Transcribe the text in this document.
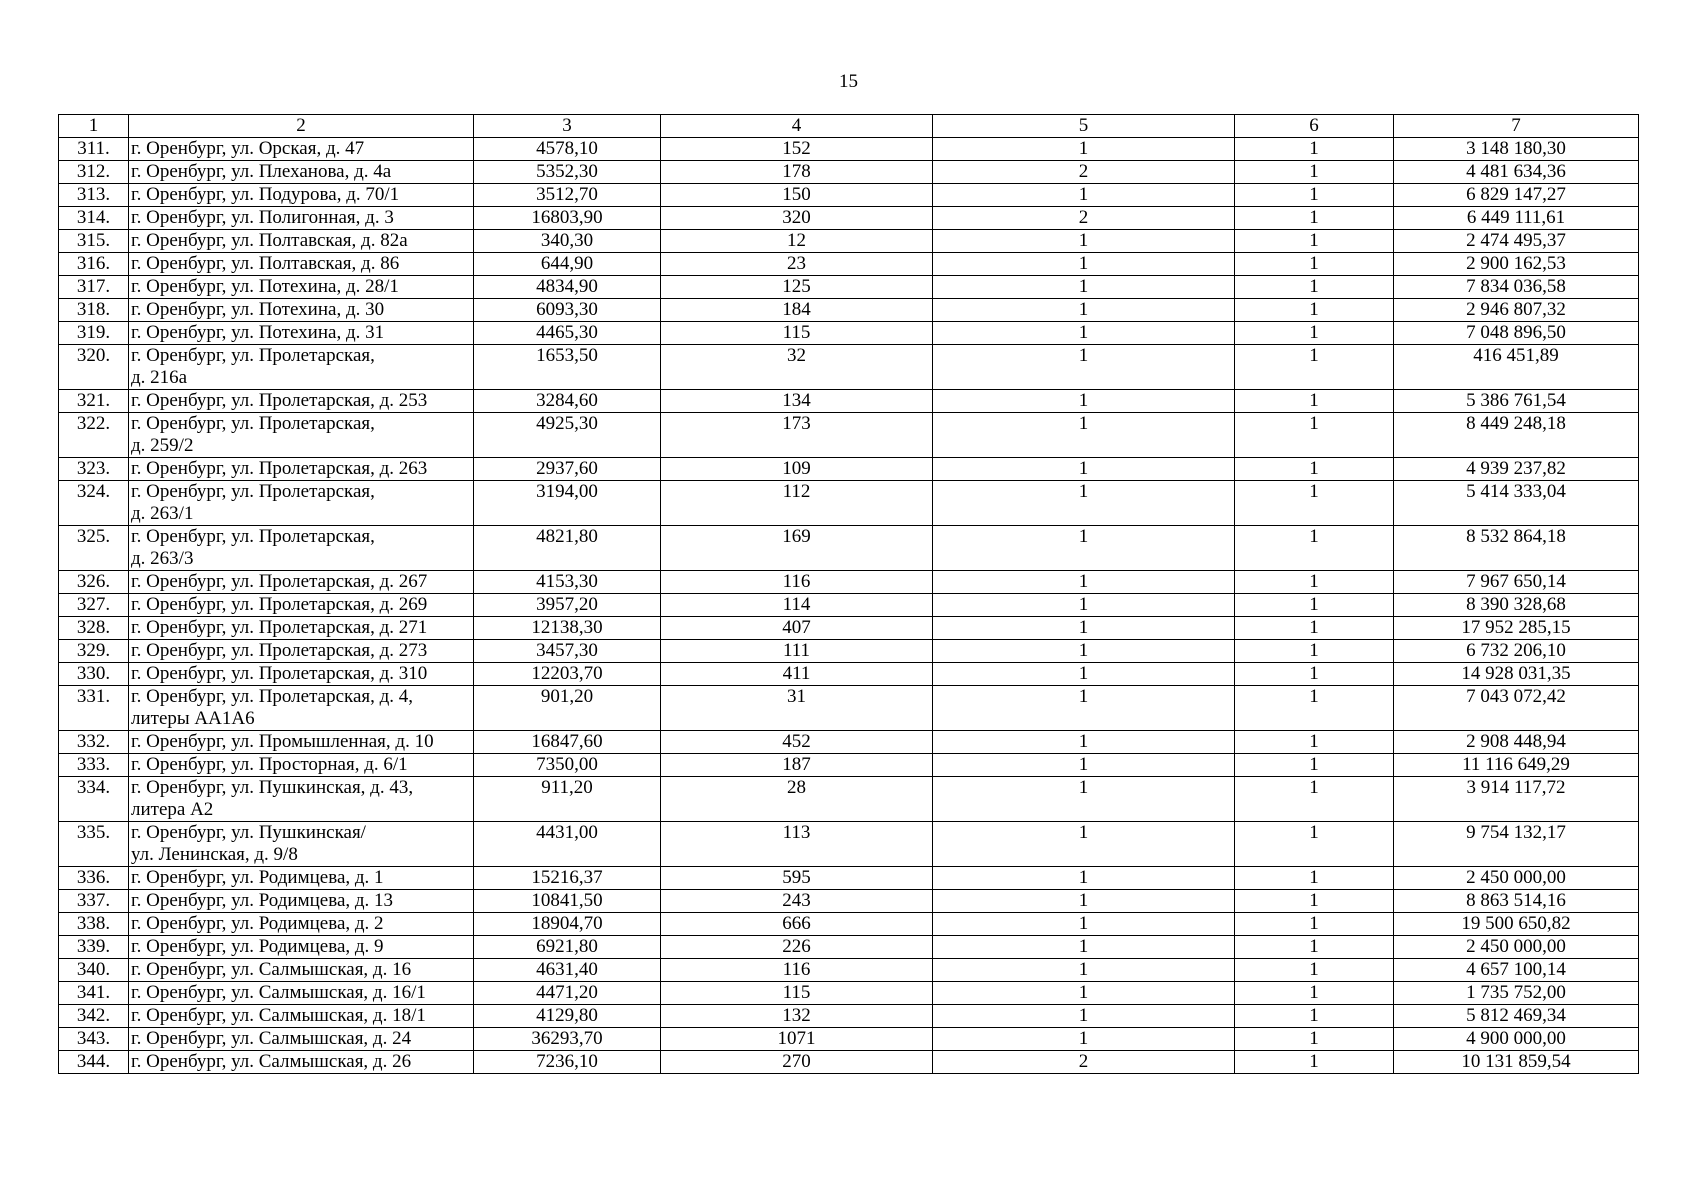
15
1	2	3	4	5	6	7
311.	г. Оренбург, ул. Орская, д. 47	4578,10	152	1	1	3 148 180,30
312.	г. Оренбург, ул. Плеханова, д. 4а	5352,30	178	2	1	4 481 634,36
313.	г. Оренбург, ул. Подурова, д. 70/1	3512,70	150	1	1	6 829 147,27
314.	г. Оренбург, ул. Полигонная, д. 3	16803,90	320	2	1	6 449 111,61
315.	г. Оренбург, ул. Полтавская, д. 82а	340,30	12	1	1	2 474 495,37
316.	г. Оренбург, ул. Полтавская, д. 86	644,90	23	1	1	2 900 162,53
317.	г. Оренбург, ул. Потехина, д. 28/1	4834,90	125	1	1	7 834 036,58
318.	г. Оренбург, ул. Потехина, д. 30	6093,30	184	1	1	2 946 807,32
319.	г. Оренбург, ул. Потехина, д. 31	4465,30	115	1	1	7 048 896,50
320.	г. Оренбург, ул. Пролетарская,
д. 216а	1653,50	32	1	1	416 451,89
321.	г. Оренбург, ул. Пролетарская, д. 253	3284,60	134	1	1	5 386 761,54
322.	г. Оренбург, ул. Пролетарская,
д. 259/2	4925,30	173	1	1	8 449 248,18
323.	г. Оренбург, ул. Пролетарская, д. 263	2937,60	109	1	1	4 939 237,82
324.	г. Оренбург, ул. Пролетарская,
д. 263/1	3194,00	112	1	1	5 414 333,04
325.	г. Оренбург, ул. Пролетарская,
д. 263/3	4821,80	169	1	1	8 532 864,18
326.	г. Оренбург, ул. Пролетарская, д. 267	4153,30	116	1	1	7 967 650,14
327.	г. Оренбург, ул. Пролетарская, д. 269	3957,20	114	1	1	8 390 328,68
328.	г. Оренбург, ул. Пролетарская, д. 271	12138,30	407	1	1	17 952 285,15
329.	г. Оренбург, ул. Пролетарская, д. 273	3457,30	111	1	1	6 732 206,10
330.	г. Оренбург, ул. Пролетарская, д. 310	12203,70	411	1	1	14 928 031,35
331.	г. Оренбург, ул. Пролетарская, д. 4,
литеры АА1А6	901,20	31	1	1	7 043 072,42
332.	г. Оренбург, ул. Промышленная, д. 10	16847,60	452	1	1	2 908 448,94
333.	г. Оренбург, ул. Просторная, д. 6/1	7350,00	187	1	1	11 116 649,29
334.	г. Оренбург, ул. Пушкинская, д. 43,
литера А2	911,20	28	1	1	3 914 117,72
335.	г. Оренбург, ул. Пушкинская/
ул. Ленинская, д. 9/8	4431,00	113	1	1	9 754 132,17
336.	г. Оренбург, ул. Родимцева, д. 1	15216,37	595	1	1	2 450 000,00
337.	г. Оренбург, ул. Родимцева, д. 13	10841,50	243	1	1	8 863 514,16
338.	г. Оренбург, ул. Родимцева, д. 2	18904,70	666	1	1	19 500 650,82
339.	г. Оренбург, ул. Родимцева, д. 9	6921,80	226	1	1	2 450 000,00
340.	г. Оренбург, ул. Салмышская, д. 16	4631,40	116	1	1	4 657 100,14
341.	г. Оренбург, ул. Салмышская, д. 16/1	4471,20	115	1	1	1 735 752,00
342.	г. Оренбург, ул. Салмышская, д. 18/1	4129,80	132	1	1	5 812 469,34
343.	г. Оренбург, ул. Салмышская, д. 24	36293,70	1071	1	1	4 900 000,00
344.	г. Оренбург, ул. Салмышская, д. 26	7236,10	270	2	1	10 131 859,54
